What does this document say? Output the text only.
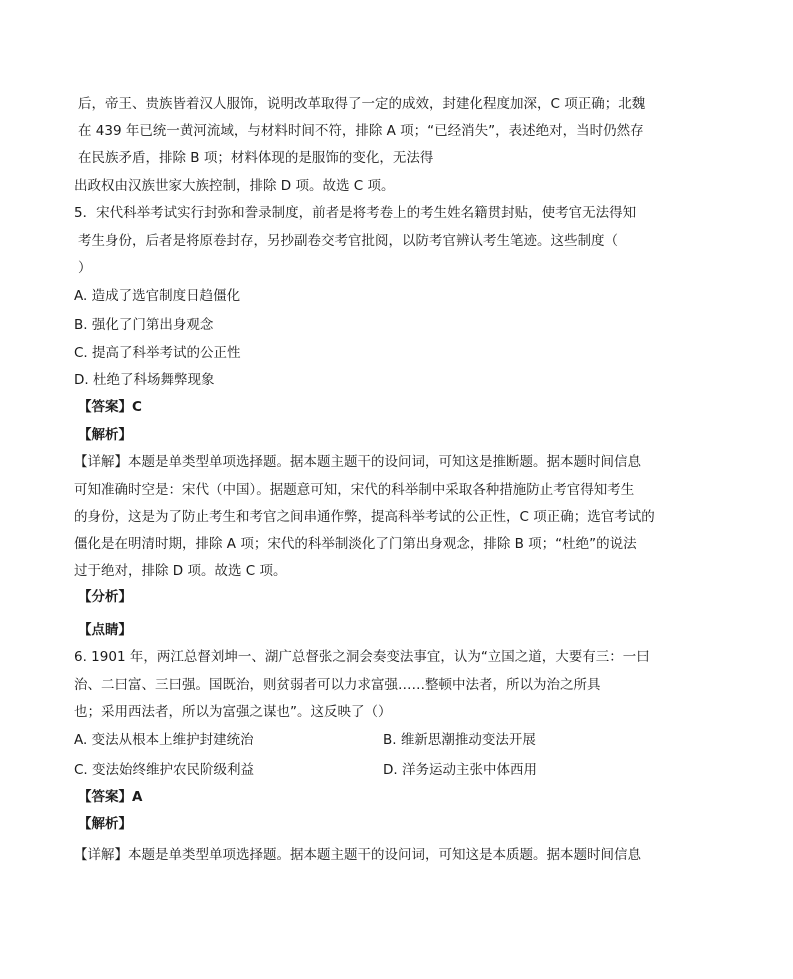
后，帝王、贵族皆着汉人服饰，说明改革取得了一定的成效，封建化程度加深，C 项正确；北魏
在 439 年已统一黄河流域，与材料时间不符，排除 A 项；“已经消失”，表述绝对，当时仍然存
在民族矛盾，排除 B 项；材料体现的是服饰的变化，无法得
出政权由汉族世家大族控制，排除 D 项。故选 C 项。
5．宋代科举考试实行封弥和誊录制度，前者是将考卷上的考生姓名籍贯封贴，使考官无法得知
考生身份，后者是将原卷封存，另抄副卷交考官批阅，以防考官辨认考生笔迹。这些制度（
）
A. 造成了选官制度日趋僵化
B. 强化了门第出身观念
C. 提高了科举考试的公正性
D. 杜绝了科场舞弊现象
【答案】C
【解析】
【详解】本题是单类型单项选择题。据本题主题干的设问词，可知这是推断题。据本题时间信息
可知准确时空是：宋代（中国）。据题意可知，宋代的科举制中采取各种措施防止考官得知考生
的身份，这是为了防止考生和考官之间串通作弊，提高科举考试的公正性，C 项正确；选官考试的
僵化是在明清时期，排除 A 项；宋代的科举制淡化了门第出身观念，排除 B 项；“杜绝”的说法
过于绝对，排除 D 项。故选 C 项。
【分析】
【点睛】
6. 1901 年，两江总督刘坤一、湖广总督张之洞会奏变法事宜，认为“立国之道，大要有三：一曰
治、二曰富、三曰强。国既治，则贫弱者可以力求富强‥‥‥整顿中法者，所以为治之所具
也；采用西法者，所以为富强之谋也”。这反映了（）
A. 变法从根本上维护封建统治	B. 维新思潮推动变法开展
C. 变法始终维护农民阶级利益	D. 洋务运动主张中体西用
【答案】A
【解析】
【详解】本题是单类型单项选择题。据本题主题干的设问词，可知这是本质题。据本题时间信息
